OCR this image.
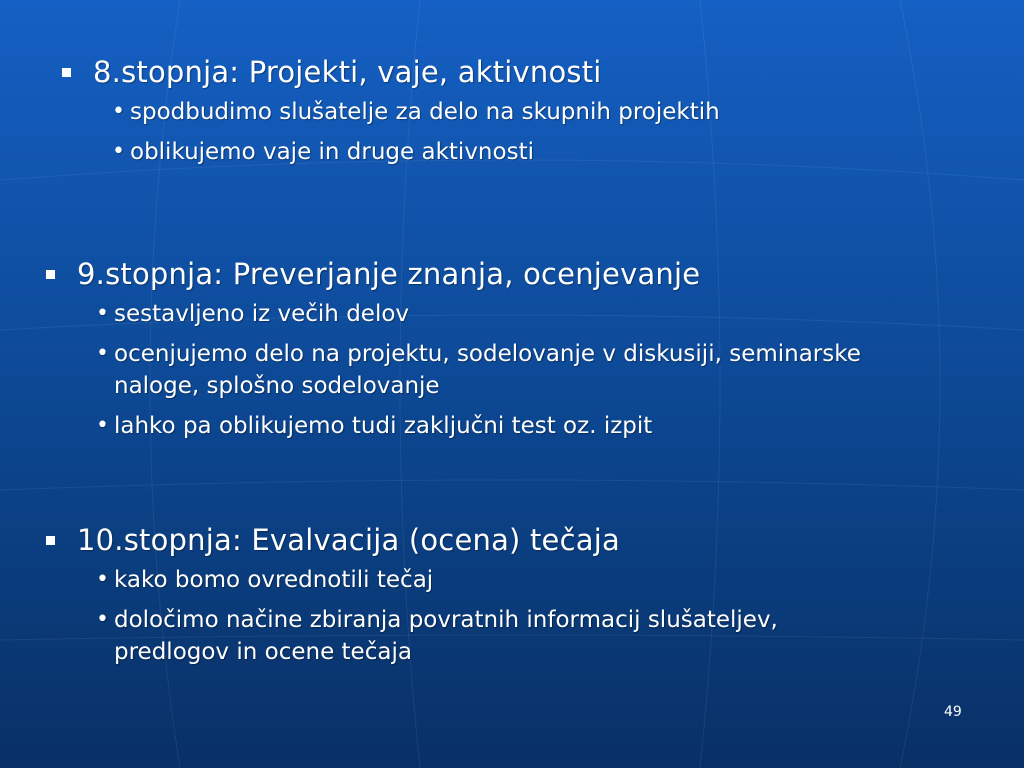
8.stopnja: Projekti, vaje, aktivnosti
• spodbudimo slušatelje za delo na skupnih projektih
• oblikujemo vaje in druge aktivnosti
9.stopnja: Preverjanje znanja, ocenjevanje
• sestavljeno iz večih delov
• ocenjujemo delo na projektu, sodelovanje v diskusiji, seminarske naloge, splošno sodelovanje
• lahko pa oblikujemo tudi zaključni test oz. izpit
10.stopnja: Evalvacija (ocena) tečaja
• kako bomo ovrednotili tečaj
• določimo načine zbiranja povratnih informacij slušateljev, predlogov in ocene tečaja
49
